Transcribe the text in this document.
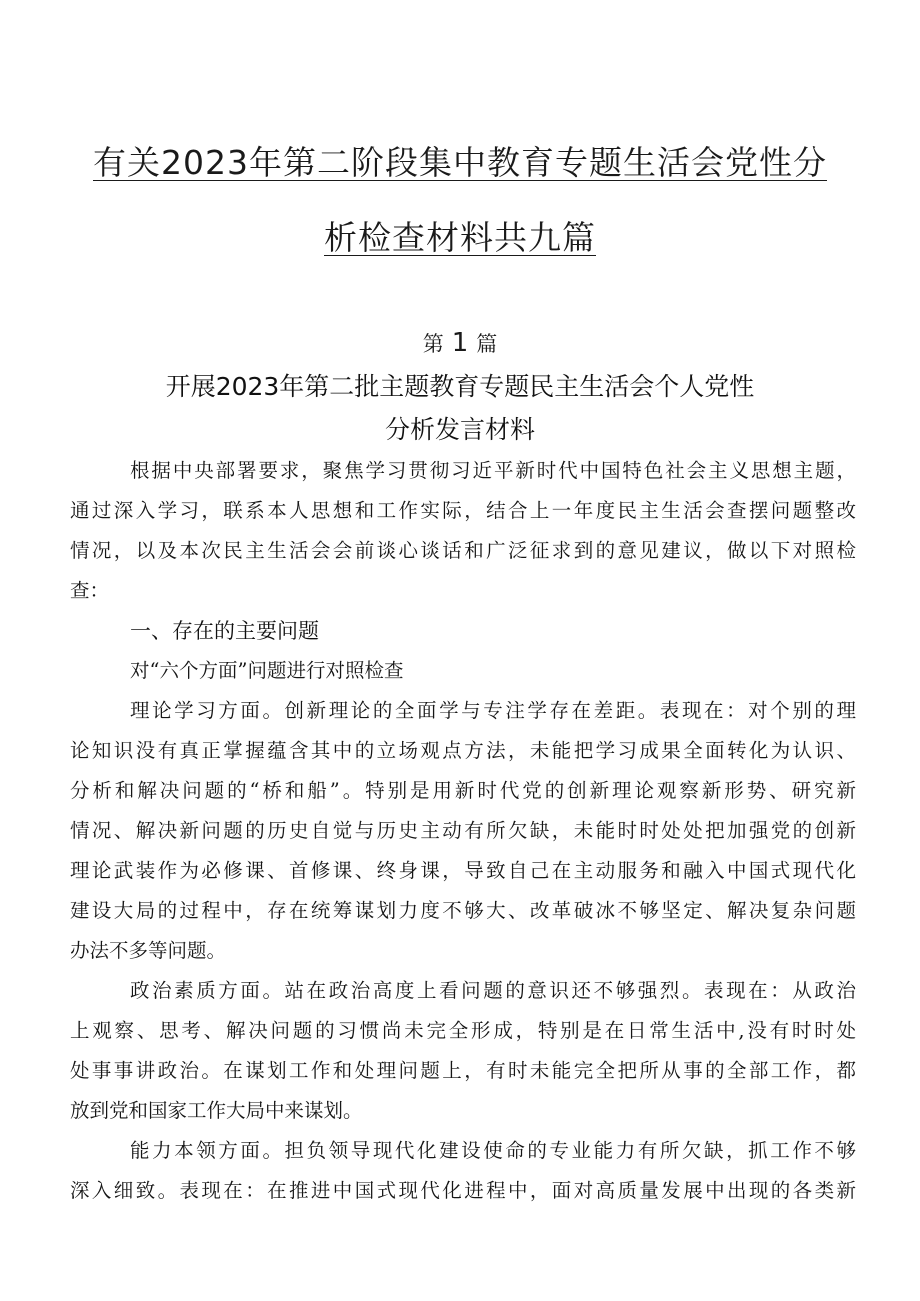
有关2023年第二阶段集中教育专题生活会党性分
析检查材料共九篇
第 1 篇
开展2023年第二批主题教育专题民主生活会个人党性
分析发言材料
根据中央部署要求，聚焦学习贯彻习近平新时代中国特色社会主义思想主题，
通过深入学习，联系本人思想和工作实际，结合上一年度民主生活会查摆问题整改
情况，以及本次民主生活会会前谈心谈话和广泛征求到的意见建议，做以下对照检
查：
一、存在的主要问题
对“六个方面”问题进行对照检查
理论学习方面。创新理论的全面学与专注学存在差距。表现在：对个别的理
论知识没有真正掌握蕴含其中的立场观点方法，未能把学习成果全面转化为认识、
分析和解决问题的“桥和船”。特别是用新时代党的创新理论观察新形势、研究新
情况、解决新问题的历史自觉与历史主动有所欠缺，未能时时处处把加强党的创新
理论武装作为必修课、首修课、终身课，导致自己在主动服务和融入中国式现代化
建设大局的过程中，存在统筹谋划力度不够大、改革破冰不够坚定、解决复杂问题
办法不多等问题。
政治素质方面。站在政治高度上看问题的意识还不够强烈。表现在：从政治
上观察、思考、解决问题的习惯尚未完全形成，特别是在日常生活中,没有时时处
处事事讲政治。在谋划工作和处理问题上，有时未能完全把所从事的全部工作，都
放到党和国家工作大局中来谋划。
能力本领方面。担负领导现代化建设使命的专业能力有所欠缺，抓工作不够
深入细致。表现在：在推进中国式现代化进程中，面对高质量发展中出现的各类新
